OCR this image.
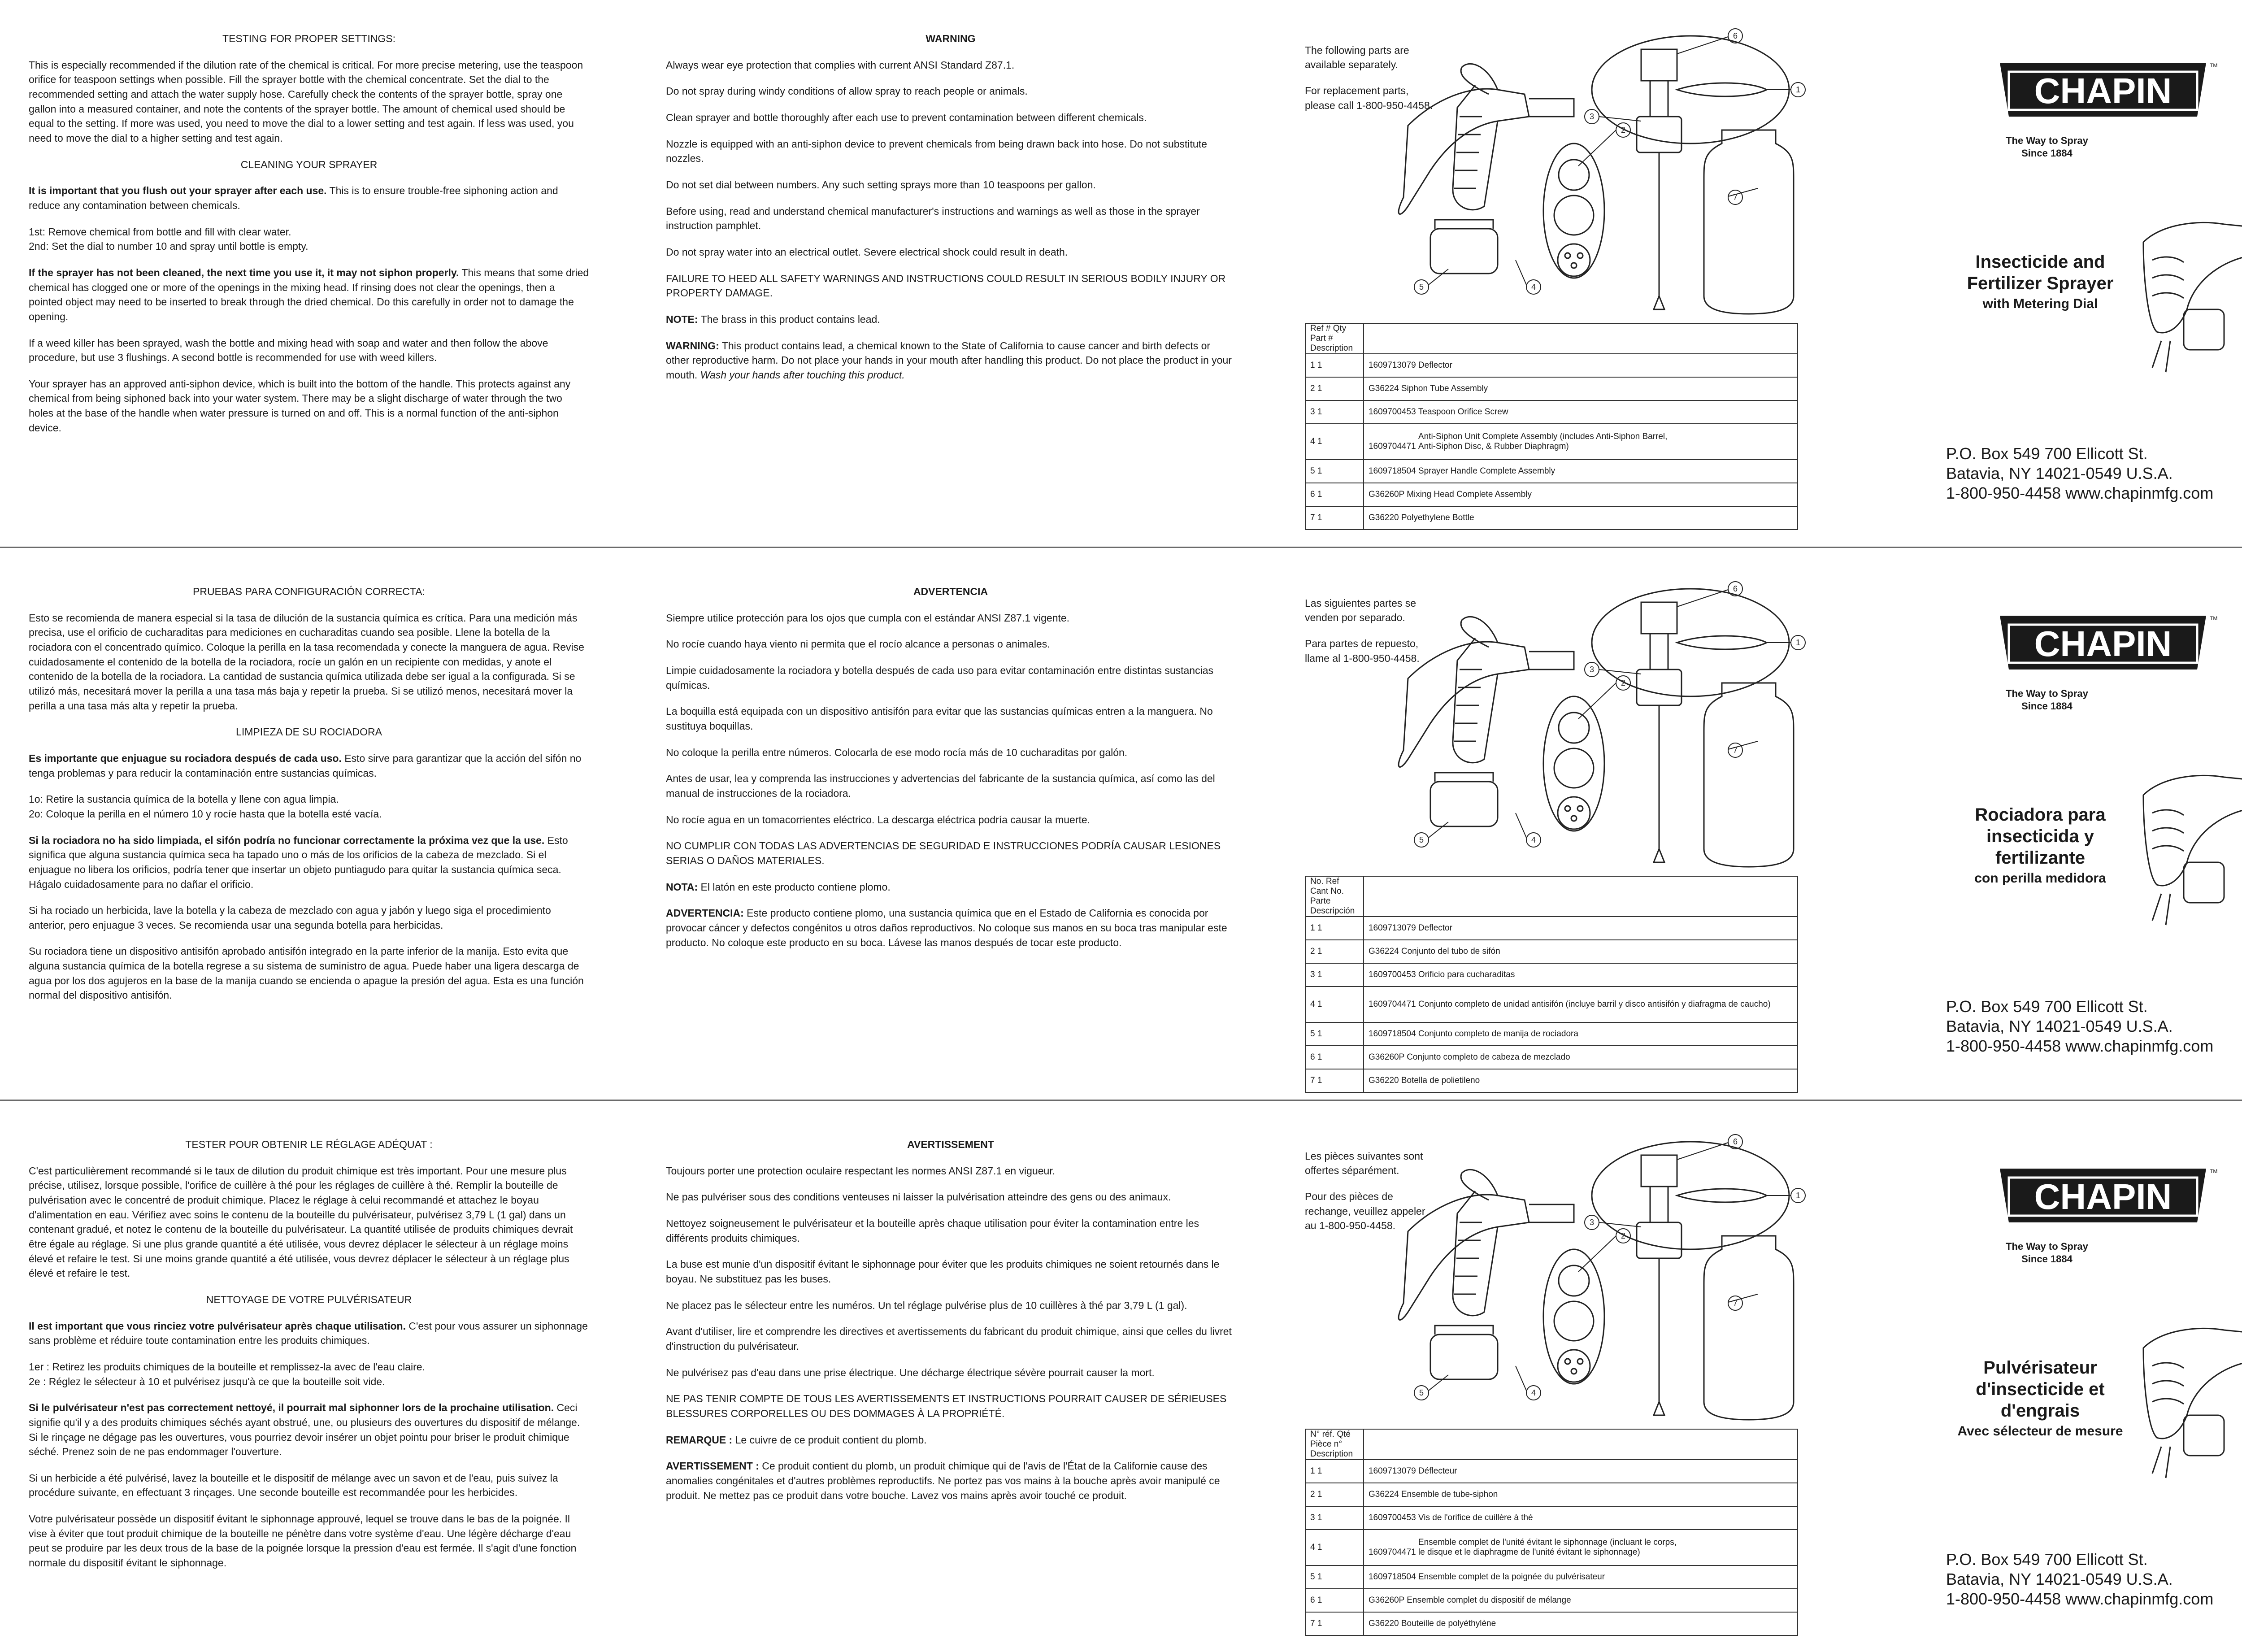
TESTING FOR PROPER SETTINGS:

This is especially recommended if the dilution rate of the chemical is critical. For more precise metering, use the teaspoon orifice for teaspoon settings when possible. Fill the sprayer bottle with the chemical concentrate. Set the dial to the recommended setting and attach the water supply hose. Carefully check the contents of the sprayer bottle, spray one gallon into a measured container, and note the contents of the sprayer bottle. The amount of chemical used should be equal to the setting. If more was used, you need to move the dial to a lower setting and test again. If less was used, you need to move the dial to a higher setting and test again.

CLEANING YOUR SPRAYER

It is important that you flush out your sprayer after each use. This is to ensure trouble-free siphoning action and reduce any contamination between chemicals.

1st: Remove chemical from bottle and fill with clear water.
2nd: Set the dial to number 10 and spray until bottle is empty.

If the sprayer has not been cleaned, the next time you use it, it may not siphon properly. This means that some dried chemical has clogged one or more of the openings in the mixing head. If rinsing does not clear the openings, then a pointed object may need to be inserted to break through the dried chemical. Do this carefully in order not to damage the opening.

If a weed killer has been sprayed, wash the bottle and mixing head with soap and water and then follow the above procedure, but use 3 flushings. A second bottle is recommended for use with weed killers.

Your sprayer has an approved anti-siphon device, which is built into the bottom of the handle. This protects against any chemical from being siphoned back into your water system. There may be a slight discharge of water through the two holes at the base of the handle when water pressure is turned on and off. This is a normal function of the anti-siphon device.

WARNING

Always wear eye protection that complies with current ANSI Standard Z87.1.

Do not spray during windy conditions of allow spray to reach people or animals.

Clean sprayer and bottle thoroughly after each use to prevent contamination between different chemicals.

Nozzle is equipped with an anti-siphon device to prevent chemicals from being drawn back into hose. Do not substitute nozzles.

Do not set dial between numbers. Any such setting sprays more than 10 teaspoons per gallon.

Before using, read and understand chemical manufacturer's instructions and warnings as well as those in the sprayer instruction pamphlet.

Do not spray water into an electrical outlet. Severe electrical shock could result in death.

FAILURE TO HEED ALL SAFETY WARNINGS AND INSTRUCTIONS COULD RESULT IN SERIOUS BODILY INJURY OR PROPERTY DAMAGE.

NOTE: The brass in this product contains lead.

WARNING: This product contains lead, a chemical known to the State of California to cause cancer and birth defects or other reproductive harm. Do not place your hands in your mouth after handling this product. Do not place the product in your mouth. Wash your hands after touching this product.

The following parts are available separately.

For replacement parts, please call 1-800-950-4458.

6
1
3
2
7
4
5
Ref # Qty Part # Description	
1 1	1609713079 Deflector
2 1	G36224 Siphon Tube Assembly
3 1	1609700453 Teaspoon Orifice Screw
4 1	1609704471 Anti-Siphon Unit Complete Assembly (includes Anti-Siphon Barrel,
Anti-Siphon Disc, & Rubber Diaphragm)
5 1	1609718504 Sprayer Handle Complete Assembly
6 1	G36260P Mixing Head Complete Assembly
7 1	G36220 Polyethylene Bottle
CHAPIN
TM
The Way to Spray
Since 1884
Insecticide and
Fertilizer Sprayer
with Metering Dial
P.O. Box 549 700 Ellicott St.
Batavia, NY 14021-0549 U.S.A.
1-800-950-4458 www.chapinmfg.com

PRUEBAS PARA CONFIGURACIÓN CORRECTA:

Esto se recomienda de manera especial si la tasa de dilución de la sustancia química es crítica. Para una medición más precisa, use el orificio de cucharaditas para mediciones en cucharaditas cuando sea posible. Llene la botella de la rociadora con el concentrado químico. Coloque la perilla en la tasa recomendada y conecte la manguera de agua. Revise cuidadosamente el contenido de la botella de la rociadora, rocíe un galón en un recipiente con medidas, y anote el contenido de la botella de la rociadora. La cantidad de sustancia química utilizada debe ser igual a la configurada. Si se utilizó más, necesitará mover la perilla a una tasa más baja y repetir la prueba. Si se utilizó menos, necesitará mover la perilla a una tasa más alta y repetir la prueba.

LIMPIEZA DE SU ROCIADORA

Es importante que enjuague su rociadora después de cada uso. Esto sirve para garantizar que la acción del sifón no tenga problemas y para reducir la contaminación entre sustancias químicas.

1o: Retire la sustancia química de la botella y llene con agua limpia.
2o: Coloque la perilla en el número 10 y rocíe hasta que la botella esté vacía.

Si la rociadora no ha sido limpiada, el sifón podría no funcionar correctamente la próxima vez que la use. Esto significa que alguna sustancia química seca ha tapado uno o más de los orificios de la cabeza de mezclado. Si el enjuague no libera los orificios, podría tener que insertar un objeto puntiagudo para quitar la sustancia química seca. Hágalo cuidadosamente para no dañar el orificio.

Si ha rociado un herbicida, lave la botella y la cabeza de mezclado con agua y jabón y luego siga el procedimiento anterior, pero enjuague 3 veces. Se recomienda usar una segunda botella para herbicidas.

Su rociadora tiene un dispositivo antisifón aprobado antisifón integrado en la parte inferior de la manija. Esto evita que alguna sustancia química de la botella regrese a su sistema de suministro de agua. Puede haber una ligera descarga de agua por los dos agujeros en la base de la manija cuando se encienda o apague la presión del agua. Esta es una función normal del dispositivo antisifón.

ADVERTENCIA

Siempre utilice protección para los ojos que cumpla con el estándar ANSI Z87.1 vigente.

No rocíe cuando haya viento ni permita que el rocío alcance a personas o animales.

Limpie cuidadosamente la rociadora y botella después de cada uso para evitar contaminación entre distintas sustancias químicas.

La boquilla está equipada con un dispositivo antisifón para evitar que las sustancias químicas entren a la manguera. No sustituya boquillas.

No coloque la perilla entre números. Colocarla de ese modo rocía más de 10 cucharaditas por galón.

Antes de usar, lea y comprenda las instrucciones y advertencias del fabricante de la sustancia química, así como las del manual de instrucciones de la rociadora.

No rocíe agua en un tomacorrientes eléctrico. La descarga eléctrica podría causar la muerte.

NO CUMPLIR CON TODAS LAS ADVERTENCIAS DE SEGURIDAD E INSTRUCCIONES PODRÍA CAUSAR LESIONES SERIAS O DAÑOS MATERIALES.

NOTA: El latón en este producto contiene plomo.

ADVERTENCIA: Este producto contiene plomo, una sustancia química que en el Estado de California es conocida por provocar cáncer y defectos congénitos u otros daños reproductivos. No coloque sus manos en su boca tras manipular este producto. No coloque este producto en su boca. Lávese las manos después de tocar este producto.

Las siguientes partes se venden por separado.

Para partes de repuesto, llame al 1-800-950-4458.

6
1
3
2
7
4
5
No. Ref Cant No. Parte Descripción	
1 1	1609713079 Deflector
2 1	G36224 Conjunto del tubo de sifón
3 1	1609700453 Orificio para cucharaditas
4 1	1609704471 Conjunto completo de unidad antisifón (incluye barril y disco antisifón y diafragma de caucho)
5 1	1609718504 Conjunto completo de manija de rociadora
6 1	G36260P Conjunto completo de cabeza de mezclado
7 1	G36220 Botella de polietileno
CHAPIN
TM
The Way to Spray
Since 1884
Rociadora para
insecticida y
fertilizante
con perilla medidora
P.O. Box 549 700 Ellicott St.
Batavia, NY 14021-0549 U.S.A.
1-800-950-4458 www.chapinmfg.com

TESTER POUR OBTENIR LE RÉGLAGE ADÉQUAT :

C'est particulièrement recommandé si le taux de dilution du produit chimique est très important. Pour une mesure plus précise, utilisez, lorsque possible, l'orifice de cuillère à thé pour les réglages de cuillère à thé. Remplir la bouteille de pulvérisation avec le concentré de produit chimique. Placez le réglage à celui recommandé et attachez le boyau d'alimentation en eau. Vérifiez avec soins le contenu de la bouteille du pulvérisateur, pulvérisez 3,79 L (1 gal) dans un contenant gradué, et notez le contenu de la bouteille du pulvérisateur. La quantité utilisée de produits chimiques devrait être égale au réglage. Si une plus grande quantité a été utilisée, vous devrez déplacer le sélecteur à un réglage moins élevé et refaire le test. Si une moins grande quantité a été utilisée, vous devrez déplacer le sélecteur à un réglage plus élevé et refaire le test.

NETTOYAGE DE VOTRE PULVÉRISATEUR

Il est important que vous rinciez votre pulvérisateur après chaque utilisation. C'est pour vous assurer un siphonnage sans problème et réduire toute contamination entre les produits chimiques.

1er : Retirez les produits chimiques de la bouteille et remplissez-la avec de l'eau claire.
2e : Réglez le sélecteur à 10 et pulvérisez jusqu'à ce que la bouteille soit vide.

Si le pulvérisateur n'est pas correctement nettoyé, il pourrait mal siphonner lors de la prochaine utilisation. Ceci signifie qu'il y a des produits chimiques séchés ayant obstrué, une, ou plusieurs des ouvertures du dispositif de mélange. Si le rinçage ne dégage pas les ouvertures, vous pourriez devoir insérer un objet pointu pour briser le produit chimique séché. Prenez soin de ne pas endommager l'ouverture.

Si un herbicide a été pulvérisé, lavez la bouteille et le dispositif de mélange avec un savon et de l'eau, puis suivez la procédure suivante, en effectuant 3 rinçages. Une seconde bouteille est recommandée pour les herbicides.

Votre pulvérisateur possède un dispositif évitant le siphonnage approuvé, lequel se trouve dans le bas de la poignée. Il vise à éviter que tout produit chimique de la bouteille ne pénètre dans votre système d'eau. Une légère décharge d'eau peut se produire par les deux trous de la base de la poignée lorsque la pression d'eau est fermée. Il s'agit d'une fonction normale du dispositif évitant le siphonnage.

AVERTISSEMENT

Toujours porter une protection oculaire respectant les normes ANSI Z87.1 en vigueur.

Ne pas pulvériser sous des conditions venteuses ni laisser la pulvérisation atteindre des gens ou des animaux.

Nettoyez soigneusement le pulvérisateur et la bouteille après chaque utilisation pour éviter la contamination entre les différents produits chimiques.

La buse est munie d'un dispositif évitant le siphonnage pour éviter que les produits chimiques ne soient retournés dans le boyau. Ne substituez pas les buses.

Ne placez pas le sélecteur entre les numéros. Un tel réglage pulvérise plus de 10 cuillères à thé par 3,79 L (1 gal).

Avant d'utiliser, lire et comprendre les directives et avertissements du fabricant du produit chimique, ainsi que celles du livret d'instruction du pulvérisateur.

Ne pulvérisez pas d'eau dans une prise électrique. Une décharge électrique sévère pourrait causer la mort.

NE PAS TENIR COMPTE DE TOUS LES AVERTISSEMENTS ET INSTRUCTIONS POURRAIT CAUSER DE SÉRIEUSES BLESSURES CORPORELLES OU DES DOMMAGES À LA PROPRIÉTÉ.

REMARQUE : Le cuivre de ce produit contient du plomb.

AVERTISSEMENT : Ce produit contient du plomb, un produit chimique qui de l'avis de l'État de la Californie cause des anomalies congénitales et d'autres problèmes reproductifs. Ne portez pas vos mains à la bouche après avoir manipulé ce produit. Ne mettez pas ce produit dans votre bouche. Lavez vos mains après avoir touché ce produit.

Les pièces suivantes sont offertes séparément.

Pour des pièces de rechange, veuillez appeler au 1-800-950-4458.

6
1
3
2
7
4
5
N° réf. Qté Pièce n° Description	
1 1	1609713079 Déflecteur
2 1	G36224 Ensemble de tube-siphon
3 1	1609700453 Vis de l'orifice de cuillère à thé
4 1	1609704471 Ensemble complet de l'unité évitant le siphonnage (incluant le corps,
le disque et le diaphragme de l'unité évitant le siphonnage)
5 1	1609718504 Ensemble complet de la poignée du pulvérisateur
6 1	G36260P Ensemble complet du dispositif de mélange
7 1	G36220 Bouteille de polyéthylène
CHAPIN
TM
The Way to Spray
Since 1884
Pulvérisateur
d'insecticide et
d'engrais
Avec sélecteur de mesure
P.O. Box 549 700 Ellicott St.
Batavia, NY 14021-0549 U.S.A.
1-800-950-4458 www.chapinmfg.com
